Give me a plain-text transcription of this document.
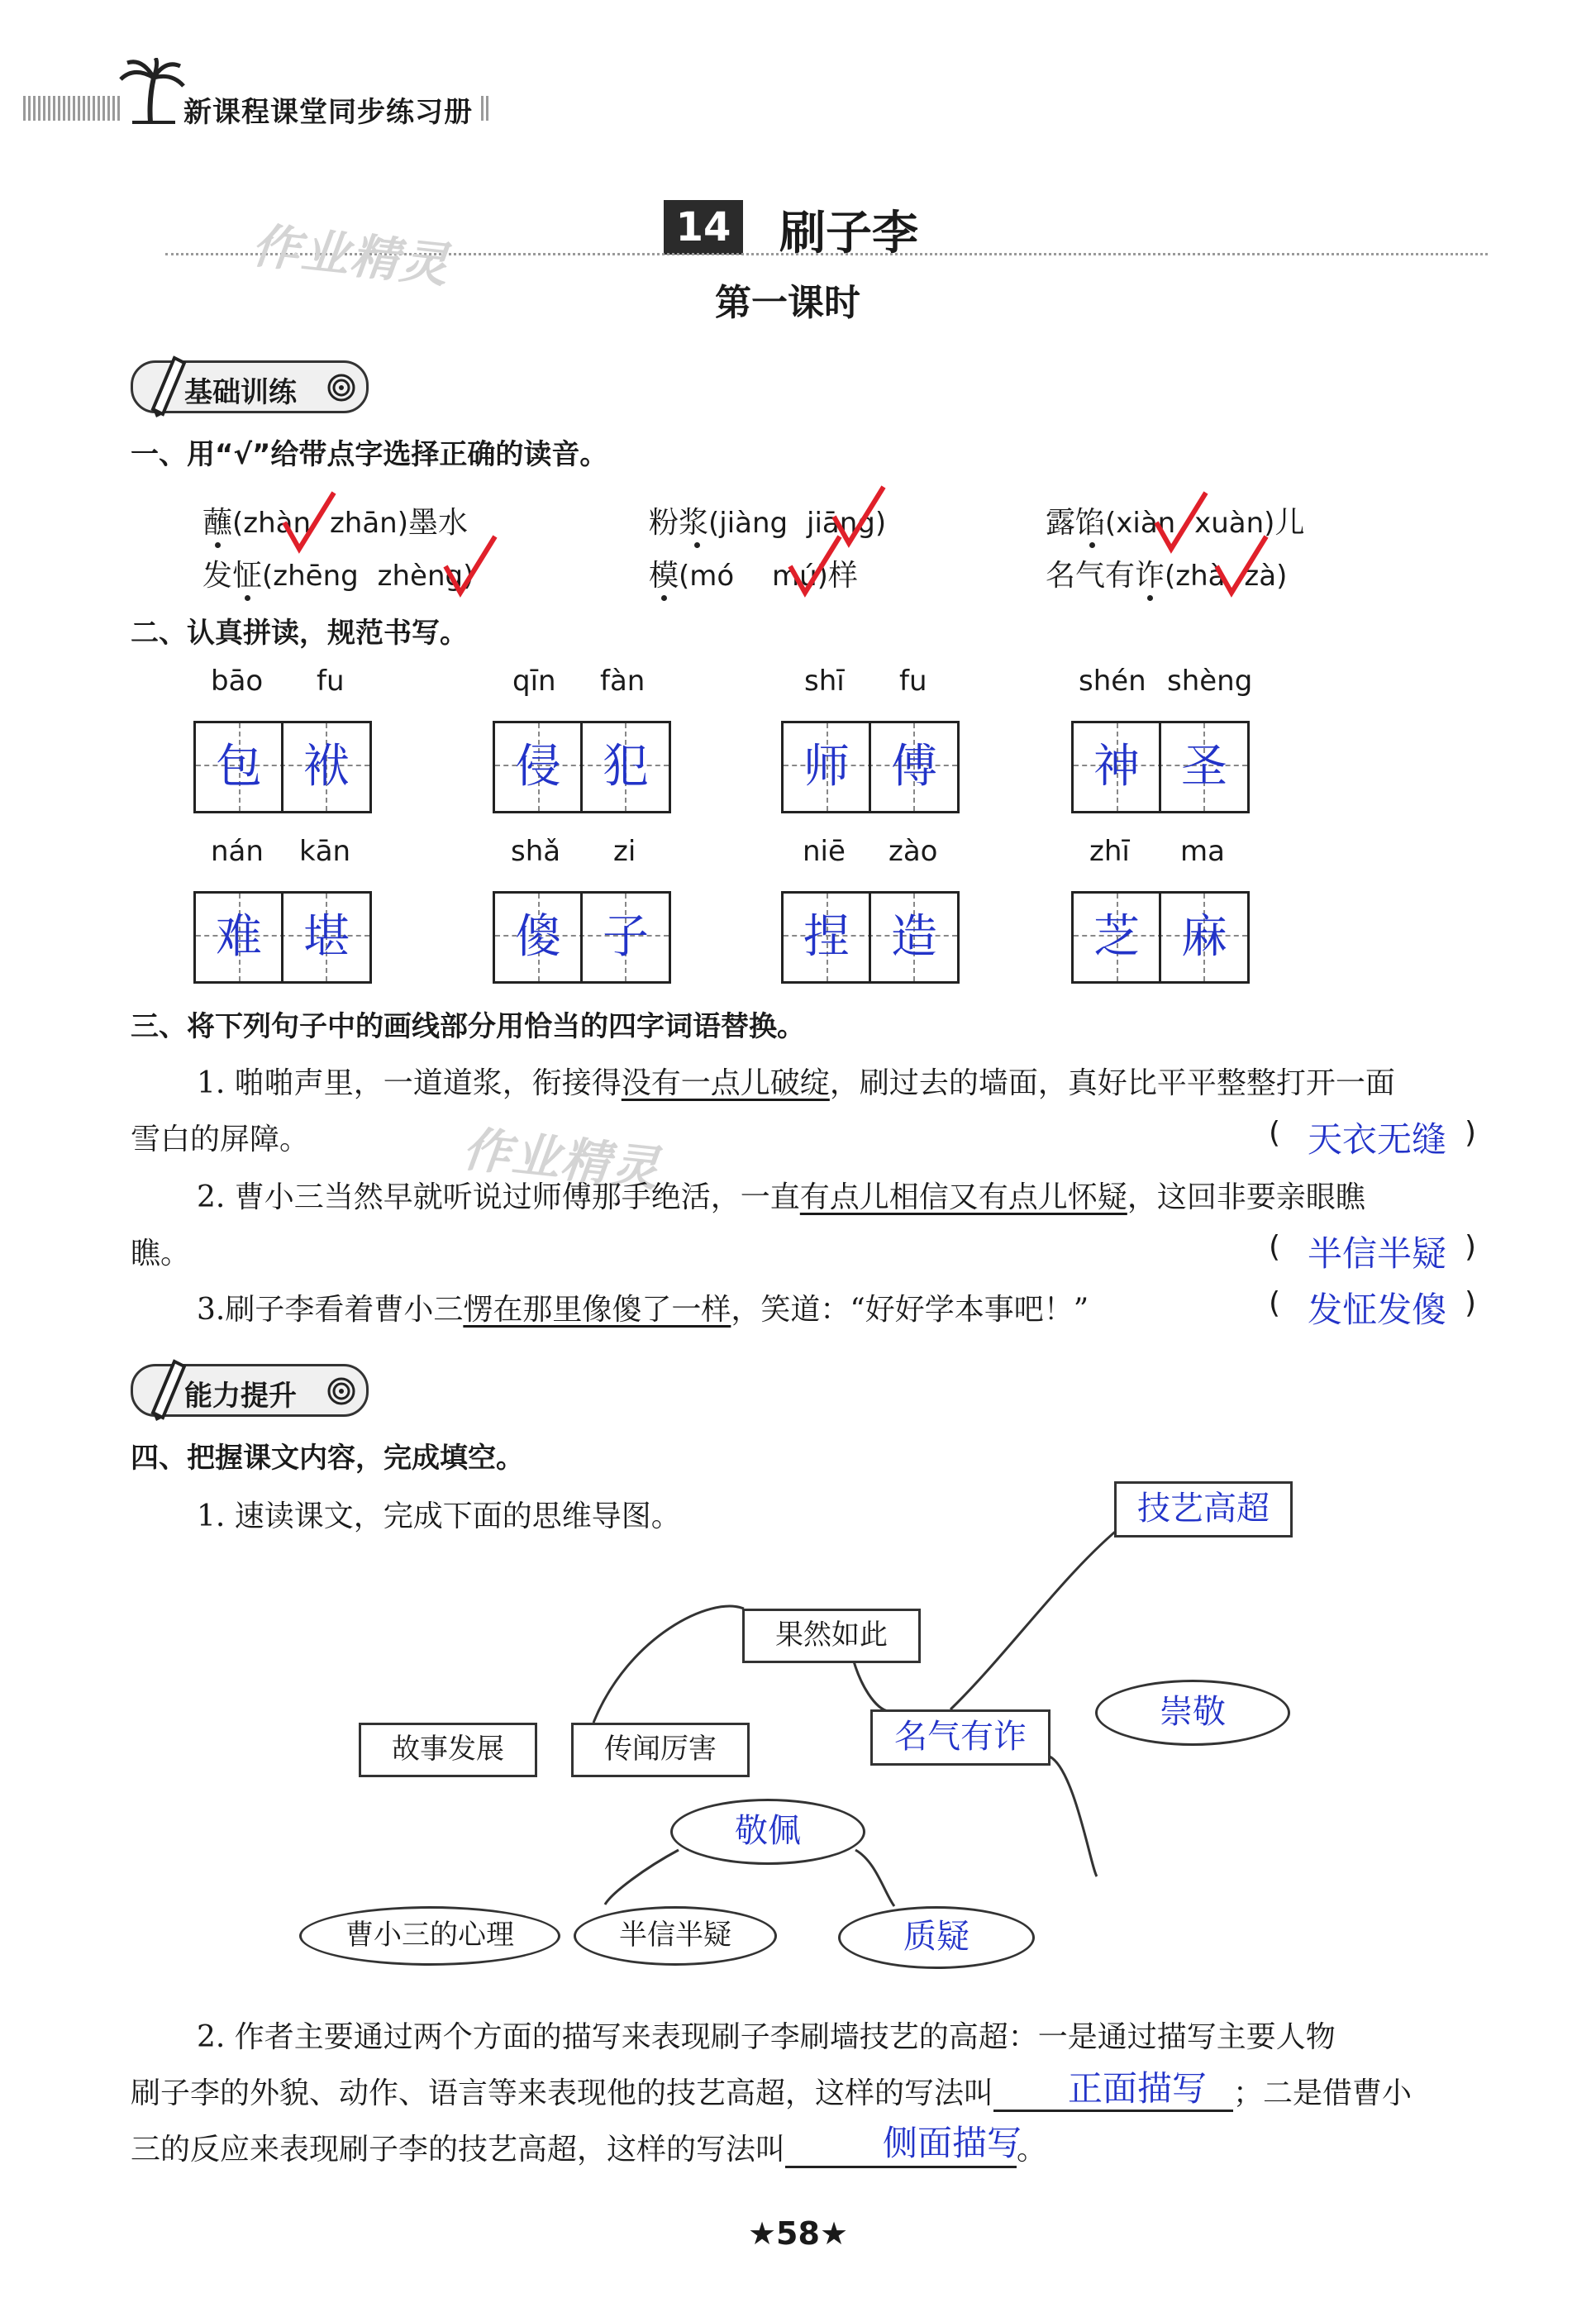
新课程课堂同步练习册
14 刷子李
第一课时
作业精灵
基础训练
一、用“√”给带点字选择正确的读音。
蘸(zhàn zhān)墨水	粉浆(jiàng jiāng)	露馅(xiàn xuàn)儿
发怔(zhēng zhèng)	模(mó mú)样	名气有诈(zhà zà)
二、认真拼读，规范书写。
bāo fu	qīn fàn	shī fu	shén shèng
包 袱	侵 犯	师 傅	神 圣
nán kān	shǎ zi	niē zào	zhī ma
难 堪	傻 子	捏 造	芝 麻
三、将下列句子中的画线部分用恰当的四字词语替换。
1. 啪啪声里，一道道浆，衔接得没有一点儿破绽，刷过去的墙面，真好比平平整整打开一面
雪白的屏障。	( 天衣无缝 )
作业精灵
2. 曹小三当然早就听说过师傅那手绝活，一直有点儿相信又有点儿怀疑，这回非要亲眼瞧
瞧。	( 半信半疑 )
3.刷子李看着曹小三愣在那里像傻了一样，笑道：“好好学本事吧！”	( 发怔发傻 )
能力提升
四、把握课文内容，完成填空。
1. 速读课文，完成下面的思维导图。	技艺高超
果然如此
故事发展	传闻厉害	名气有诈
崇敬
敬佩
曹小三的心理	半信半疑	质疑
2. 作者主要通过两个方面的描写来表现刷子李刷墙技艺的高超：一是通过描写主要人物
刷子李的外貌、动作、语言等来表现他的技艺高超，这样的写法叫	；二是借曹小
正面描写
三的反应来表现刷子李的技艺高超，这样的写法叫	。
侧面描写
★58★
